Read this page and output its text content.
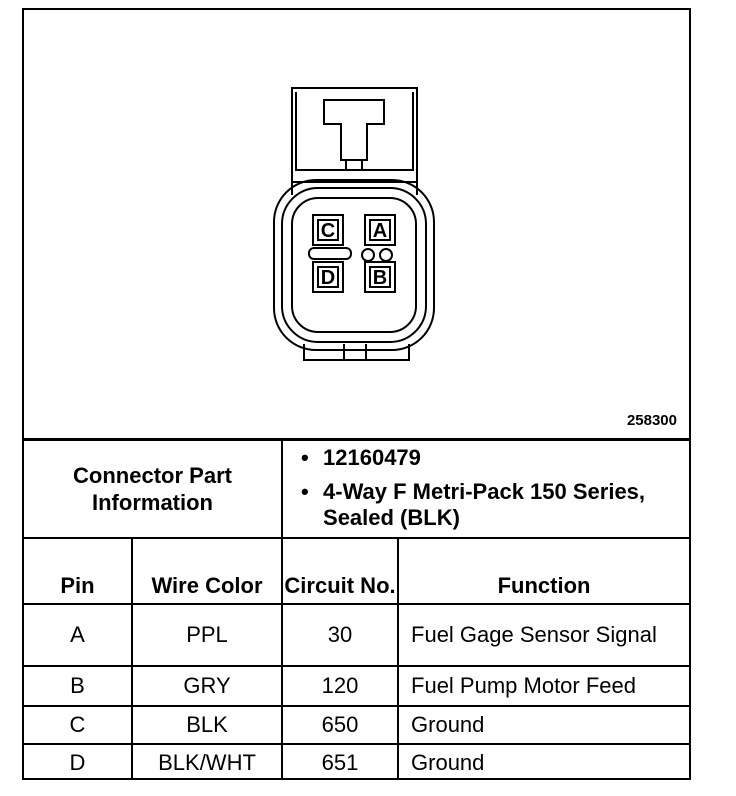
C A
D B
258300
Connector Part Information		• 12160479
• 4-Way F Metri-Pack 150 Series, Sealed (BLK)	

Pin	Wire Color	Circuit No.	Function
A	PPL	30	Fuel Gage Sensor Signal
B	GRY	120	Fuel Pump Motor Feed
C	BLK	650	Ground
D	BLK/WHT	651	Ground
